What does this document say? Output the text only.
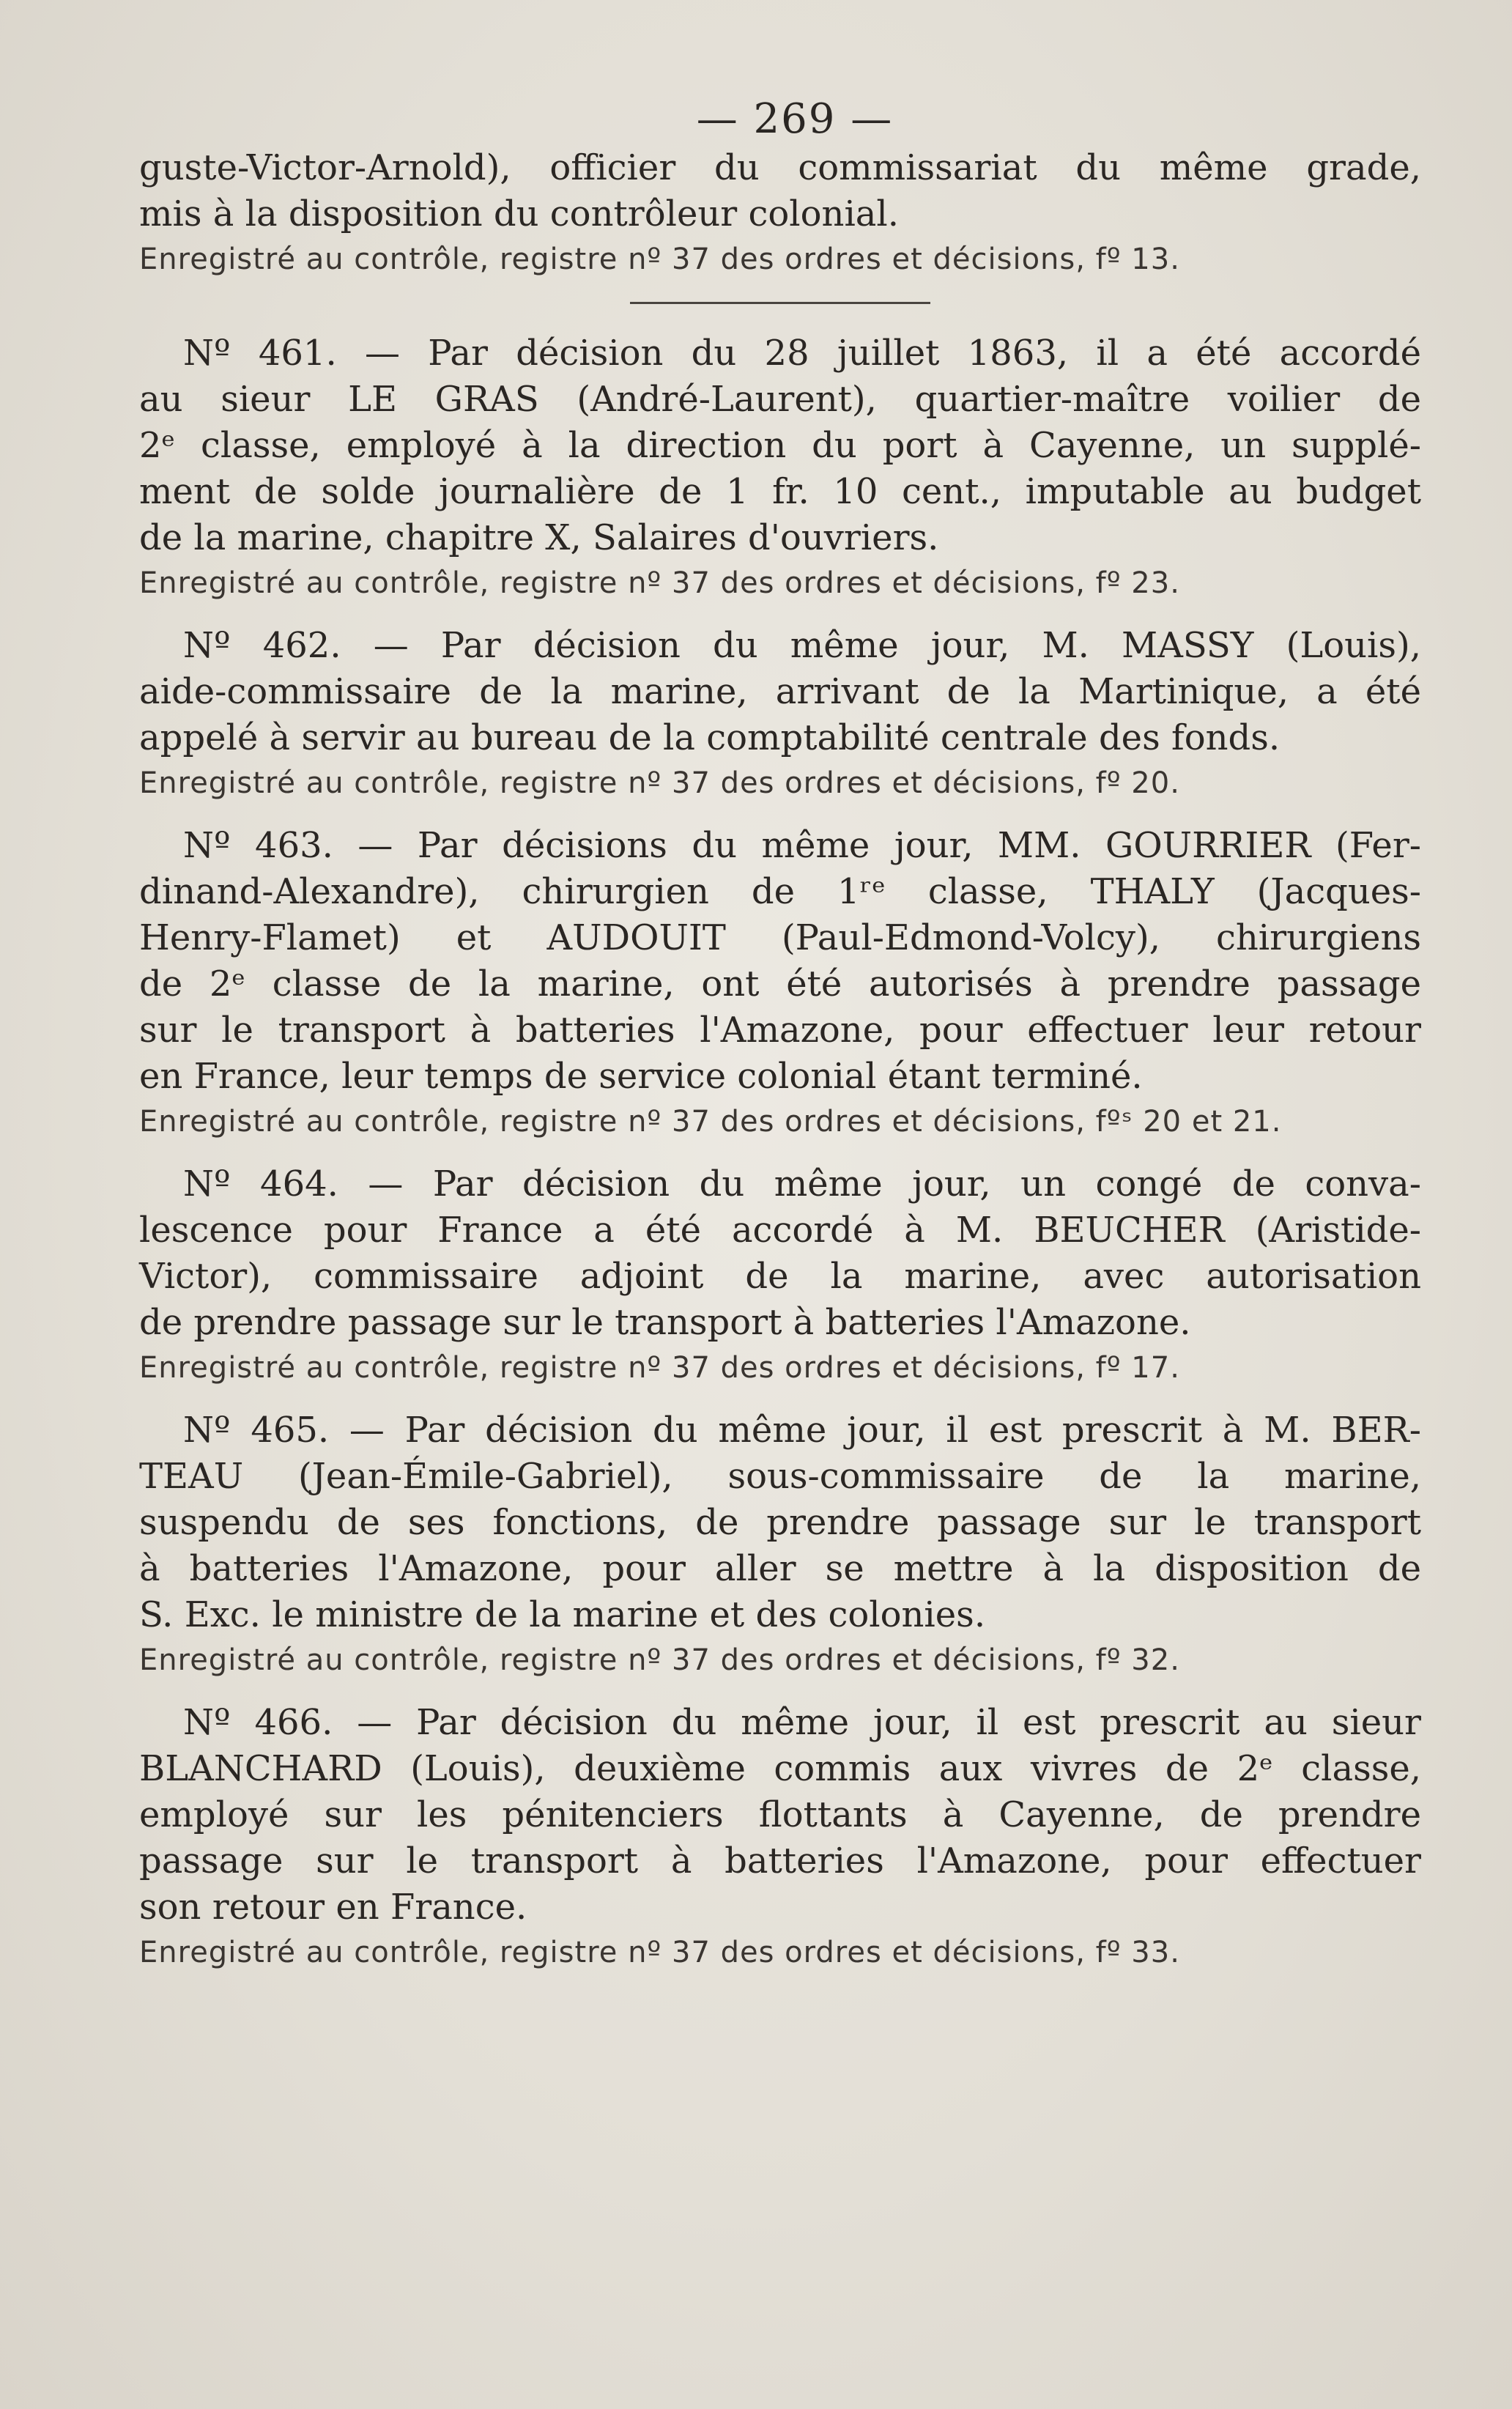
— 269 —
guste-Victor-Arnold), officier du commissariat du même grade,
mis à la disposition du contrôleur colonial.
Enregistré au contrôle, registre nº 37 des ordres et décisions, fº 13.
Nº 461. — Par décision du 28 juillet 1863, il a été accordé
au sieur LE GRAS (André-Laurent), quartier-maître voilier de
2ᵉ classe, employé à la direction du port à Cayenne, un supplé-
ment de solde journalière de 1 fr. 10 cent., imputable au budget
de la marine, chapitre X, Salaires d'ouvriers.
Enregistré au contrôle, registre nº 37 des ordres et décisions, fº 23.
Nº 462. — Par décision du même jour, M. MASSY (Louis),
aide-commissaire de la marine, arrivant de la Martinique, a été
appelé à servir au bureau de la comptabilité centrale des fonds.
Enregistré au contrôle, registre nº 37 des ordres et décisions, fº 20.
Nº 463. — Par décisions du même jour, MM. GOURRIER (Fer-
dinand-Alexandre), chirurgien de 1ʳᵉ classe, THALY (Jacques-
Henry-Flamet) et AUDOUIT (Paul-Edmond-Volcy), chirurgiens
de 2ᵉ classe de la marine, ont été autorisés à prendre passage
sur le transport à batteries l'Amazone, pour effectuer leur retour
en France, leur temps de service colonial étant terminé.
Enregistré au contrôle, registre nº 37 des ordres et décisions, fºˢ 20 et 21.
Nº 464. — Par décision du même jour, un congé de conva-
lescence pour France a été accordé à M. BEUCHER (Aristide-
Victor), commissaire adjoint de la marine, avec autorisation
de prendre passage sur le transport à batteries l'Amazone.
Enregistré au contrôle, registre nº 37 des ordres et décisions, fº 17.
Nº 465. — Par décision du même jour, il est prescrit à M. BER-
TEAU (Jean-Émile-Gabriel), sous-commissaire de la marine,
suspendu de ses fonctions, de prendre passage sur le transport
à batteries l'Amazone, pour aller se mettre à la disposition de
S. Exc. le ministre de la marine et des colonies.
Enregistré au contrôle, registre nº 37 des ordres et décisions, fº 32.
Nº 466. — Par décision du même jour, il est prescrit au sieur
BLANCHARD (Louis), deuxième commis aux vivres de 2ᵉ classe,
employé sur les pénitenciers flottants à Cayenne, de prendre
passage sur le transport à batteries l'Amazone, pour effectuer
son retour en France.
Enregistré au contrôle, registre nº 37 des ordres et décisions, fº 33.
